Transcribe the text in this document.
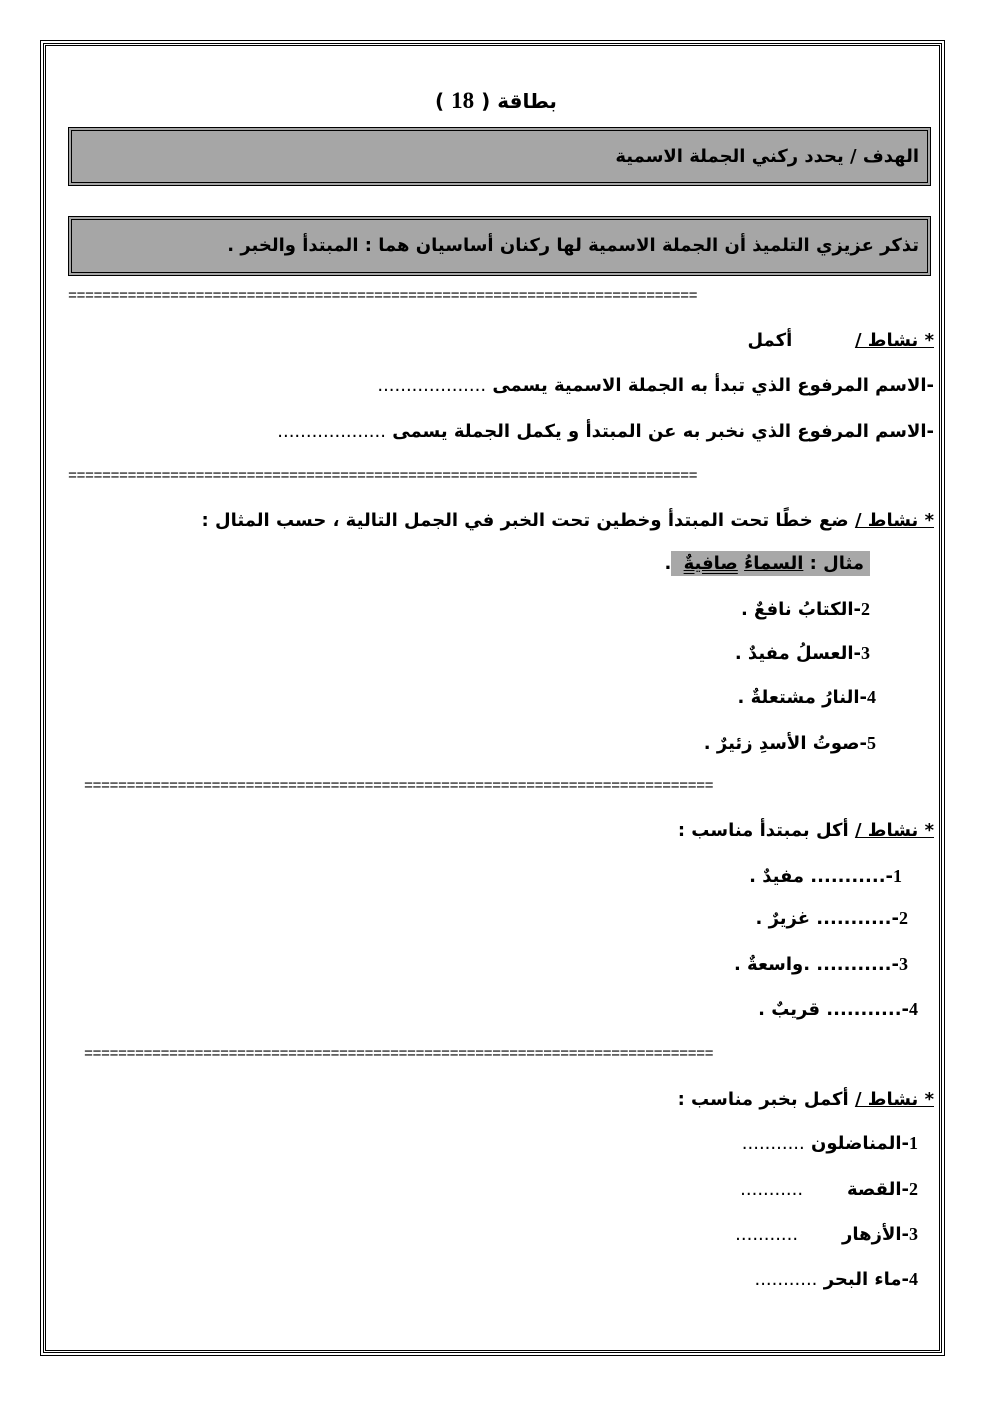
بطاقة ( 18 )
الهدف / يحدد ركني الجملة الاسمية
تذكر عزيزي التلميذ أن الجملة الاسمية لها ركنان أساسيان هما : المبتدأ والخبر .
==========================================================================
* نشاط /          أكمل
-الاسم المرفوع الذي تبدأ به الجملة الاسمية يسمى ...................
-الاسم المرفوع الذي نخبر به عن المبتدأ و يكمل الجملة يسمى ...................
==========================================================================
* نشاط / ضع خطًا تحت المبتدأ وخطين تحت الخبر في الجمل التالية ، حسب المثال :
مثال : السماءُ صافيةٌ .
2-الكتابُ نافعٌ .
3-العسلُ مفيدٌ .
4-النارُ مشتعلةٌ .
5-صوتُ الأسدِ زئيرٌ .
==========================================================================
* نشاط / أكل بمبتدأ مناسب :
1-........... مفيدٌ .
2-........... غزيرٌ .
3-........... .واسعةٌ .
4-........... قريبٌ .
==========================================================================
* نشاط / أكمل بخبر مناسب :
1-المناضلون ...........
2-القصة       ...........
3-الأزهار       ...........
4-ماء البحر ...........
